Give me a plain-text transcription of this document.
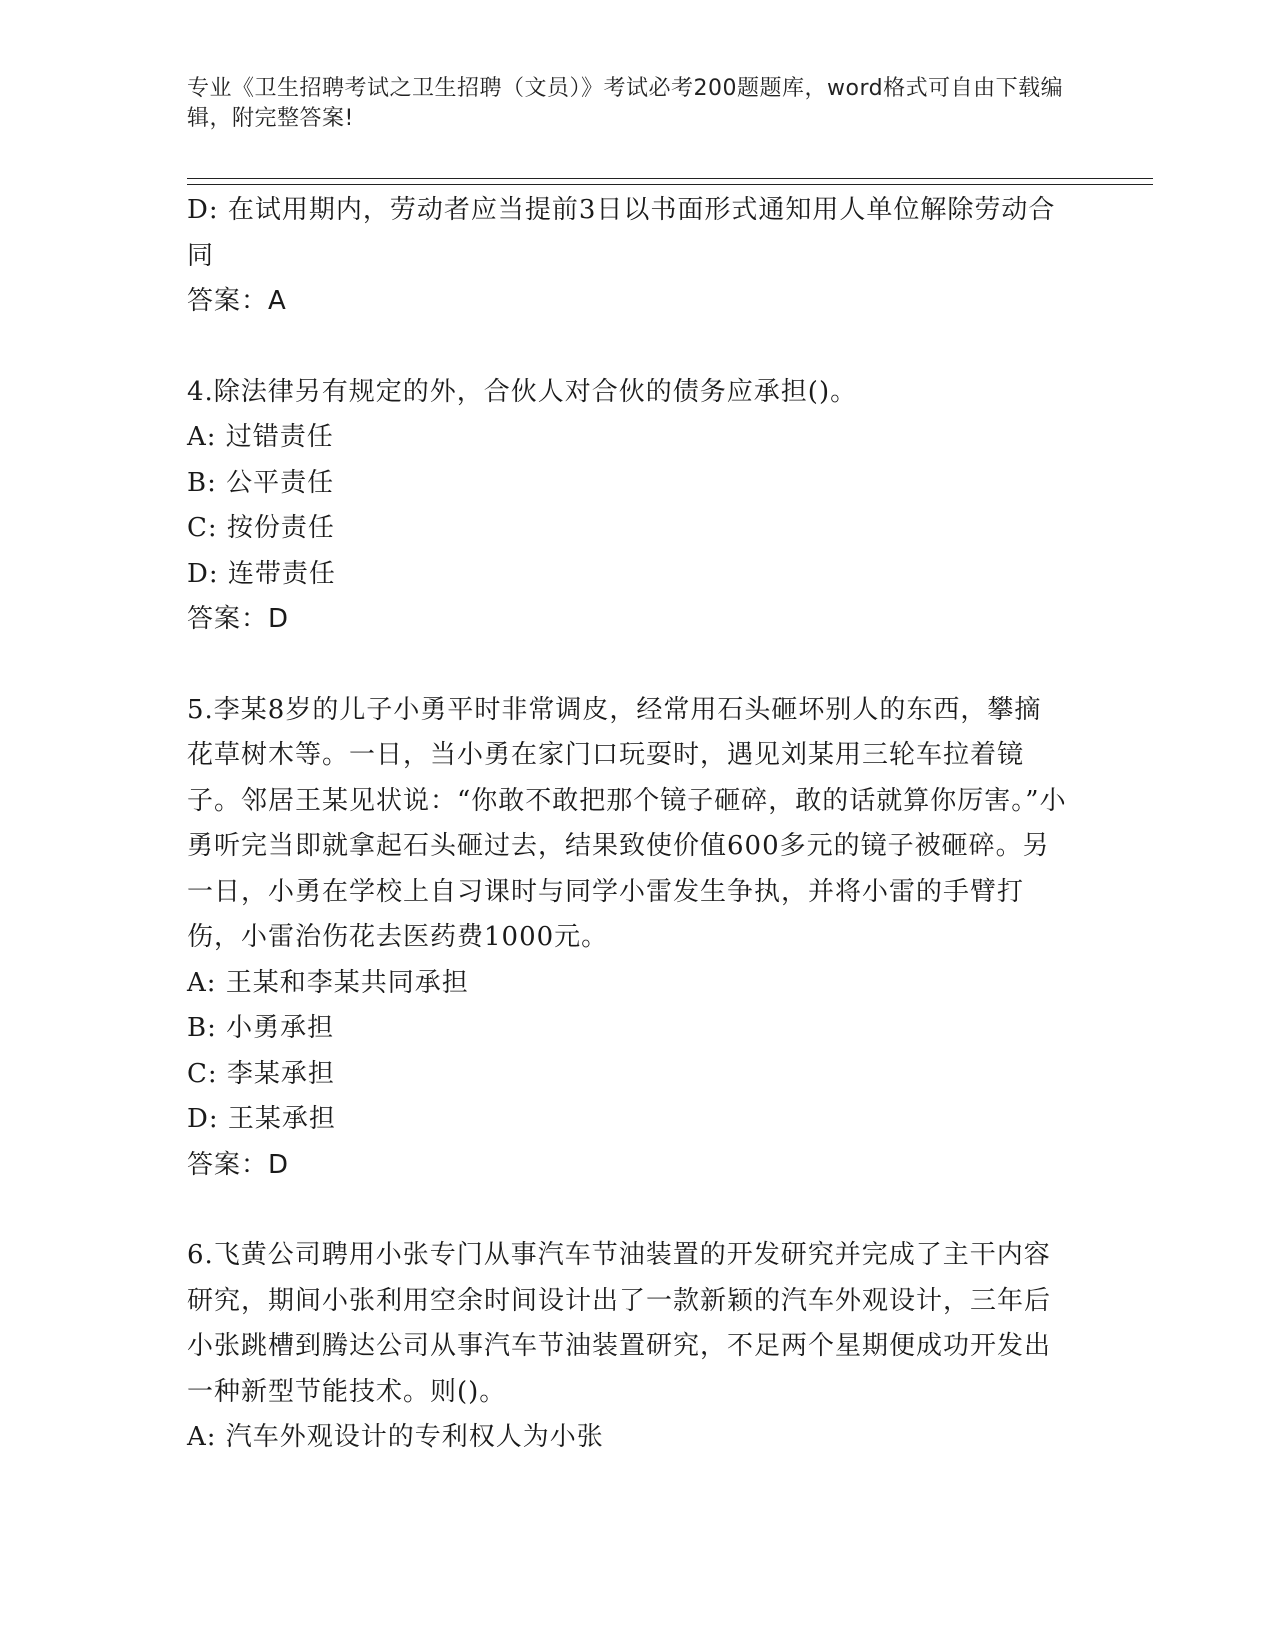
专业《卫生招聘考试之卫生招聘（文员）》考试必考200题题库，word格式可自由下载编辑，附完整答案!

D: 在试用期内，劳动者应当提前3日以书面形式通知用人单位解除劳动合同

答案：A

4.除法律另有规定的外，合伙人对合伙的债务应承担()。

A: 过错责任

B: 公平责任

C: 按份责任

D: 连带责任

答案：D

5.李某8岁的儿子小勇平时非常调皮，经常用石头砸坏别人的东西，攀摘花草树木等。一日，当小勇在家门口玩耍时，遇见刘某用三轮车拉着镜子。邻居王某见状说：“你敢不敢把那个镜子砸碎，敢的话就算你厉害。”小勇听完当即就拿起石头砸过去，结果致使价值600多元的镜子被砸碎。另一日，小勇在学校上自习课时与同学小雷发生争执，并将小雷的手臂打伤，小雷治伤花去医药费1000元。

A: 王某和李某共同承担

B: 小勇承担

C: 李某承担

D: 王某承担

答案：D

6.飞黄公司聘用小张专门从事汽车节油装置的开发研究并完成了主干内容研究，期间小张利用空余时间设计出了一款新颖的汽车外观设计，三年后小张跳槽到腾达公司从事汽车节油装置研究，不足两个星期便成功开发出一种新型节能技术。则()。

A: 汽车外观设计的专利权人为小张
